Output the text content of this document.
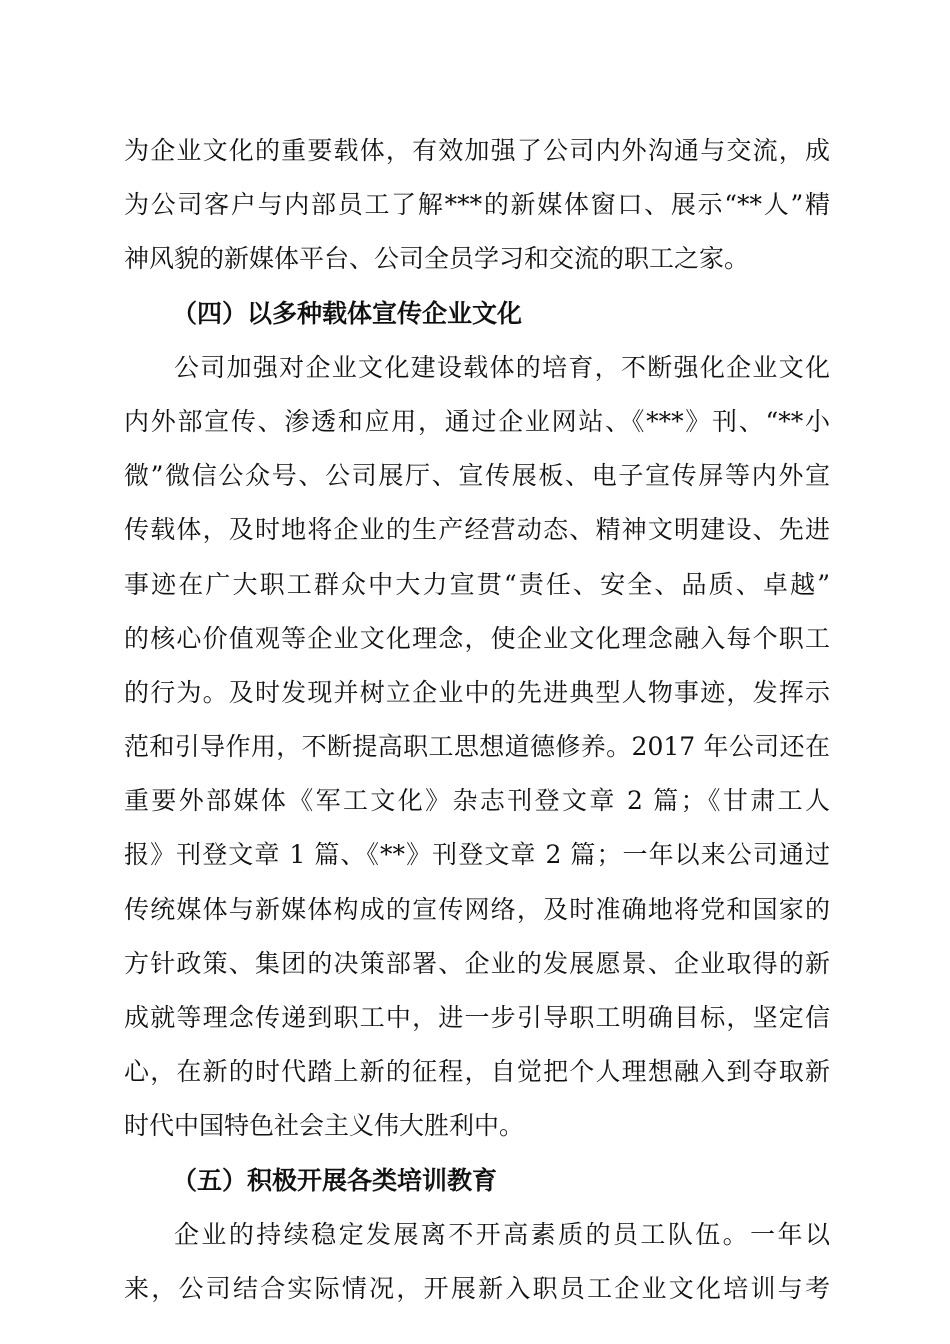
为企业文化的重要载体，有效加强了公司内外沟通与交流，成
为公司客户与内部员工了解***的新媒体窗口、展示“**人”精
神风貌的新媒体平台、公司全员学习和交流的职工之家。
（四）以多种载体宣传企业文化
公司加强对企业文化建设载体的培育，不断强化企业文化
内外部宣传、渗透和应用，通过企业网站、《***》刊、“**小
微”微信公众号、公司展厅、宣传展板、电子宣传屏等内外宣
传载体，及时地将企业的生产经营动态、精神文明建设、先进
事迹在广大职工群众中大力宣贯“责任、安全、品质、卓越”
的核心价值观等企业文化理念，使企业文化理念融入每个职工
的行为。及时发现并树立企业中的先进典型人物事迹，发挥示
范和引导作用，不断提高职工思想道德修养。2017 年公司还在
重要外部媒体《军工文化》杂志刊登文章 2 篇；《甘肃工人
报》刊登文章 1 篇、《**》刊登文章 2 篇；一年以来公司通过
传统媒体与新媒体构成的宣传网络，及时准确地将党和国家的
方针政策、集团的决策部署、企业的发展愿景、企业取得的新
成就等理念传递到职工中，进一步引导职工明确目标，坚定信
心，在新的时代踏上新的征程，自觉把个人理想融入到夺取新
时代中国特色社会主义伟大胜利中。
（五）积极开展各类培训教育
企业的持续稳定发展离不开高素质的员工队伍。一年以
来，公司结合实际情况，开展新入职员工企业文化培训与考
